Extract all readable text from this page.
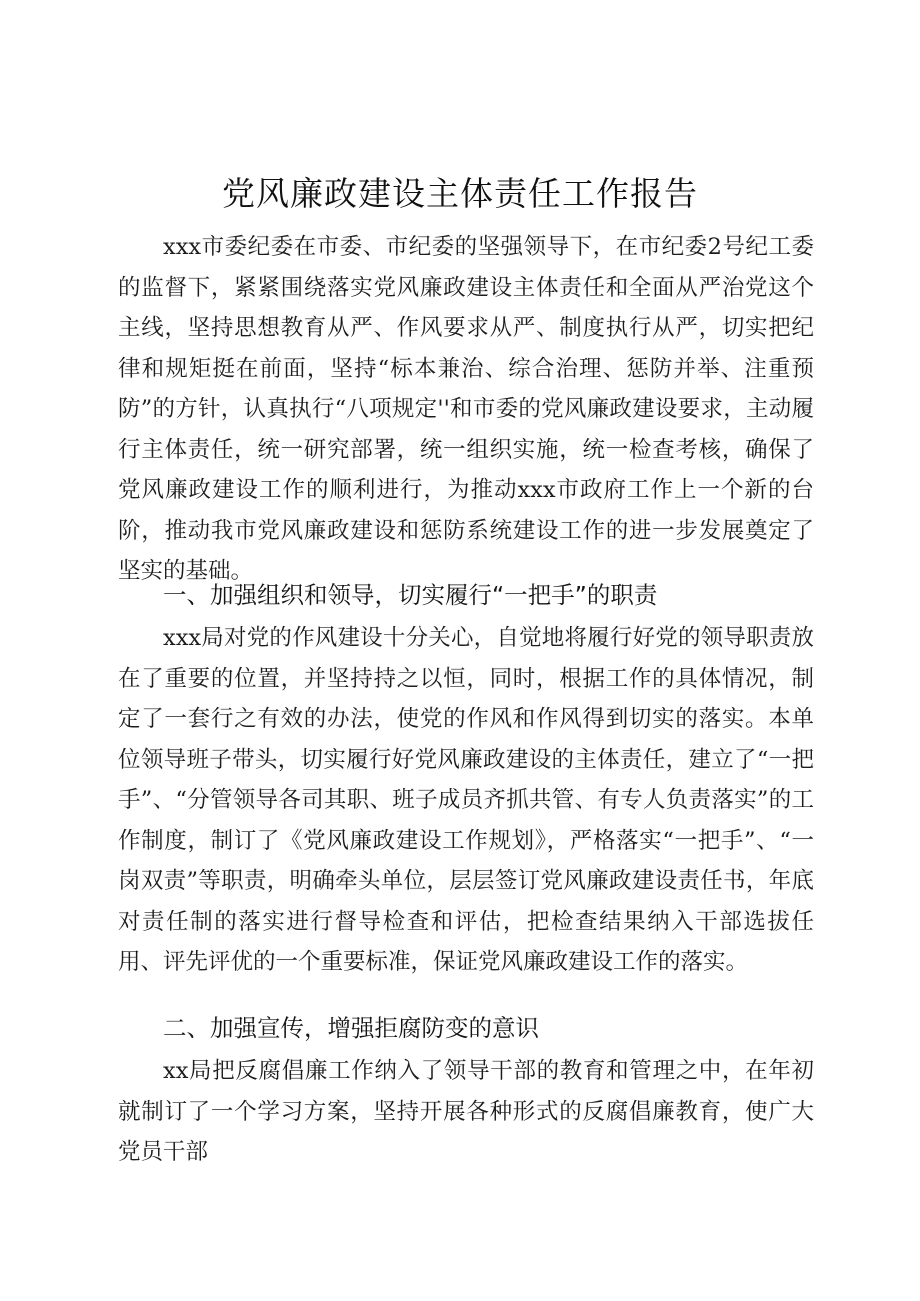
党风廉政建设主体责任工作报告

xxx市委纪委在市委、市纪委的坚强领导下，在市纪委2号纪工委的监督下，紧紧围绕落实党风廉政建设主体责任和全面从严治党这个主线，坚持思想教育从严、作风要求从严、制度执行从严，切实把纪律和规矩挺在前面，坚持“标本兼治、综合治理、惩防并举、注重预防”的方针，认真执行“八项规定''和市委的党风廉政建设要求，主动履行主体责任，统一研究部署，统一组织实施，统一检查考核，确保了党风廉政建设工作的顺利进行，为推动xxx市政府工作上一个新的台阶，推动我市党风廉政建设和惩防系统建设工作的进一步发展奠定了坚实的基础。

一、加强组织和领导，切实履行“一把手”的职责

xxx局对党的作风建设十分关心，自觉地将履行好党的领导职责放在了重要的位置，并坚持持之以恒，同时，根据工作的具体情况，制定了一套行之有效的办法，使党的作风和作风得到切实的落实。本单位领导班子带头，切实履行好党风廉政建设的主体责任，建立了“一把手”、“分管领导各司其职、班子成员齐抓共管、有专人负责落实”的工作制度，制订了《党风廉政建设工作规划》，严格落实“一把手”、“一岗双责”等职责，明确牵头单位，层层签订党风廉政建设责任书，年底对责任制的落实进行督导检查和评估，把检查结果纳入干部选拔任用、评先评优的一个重要标准，保证党风廉政建设工作的落实。

二、加强宣传，增强拒腐防变的意识

xx局把反腐倡廉工作纳入了领导干部的教育和管理之中，在年初就制订了一个学习方案，坚持开展各种形式的反腐倡廉教育，使广大党员干部
